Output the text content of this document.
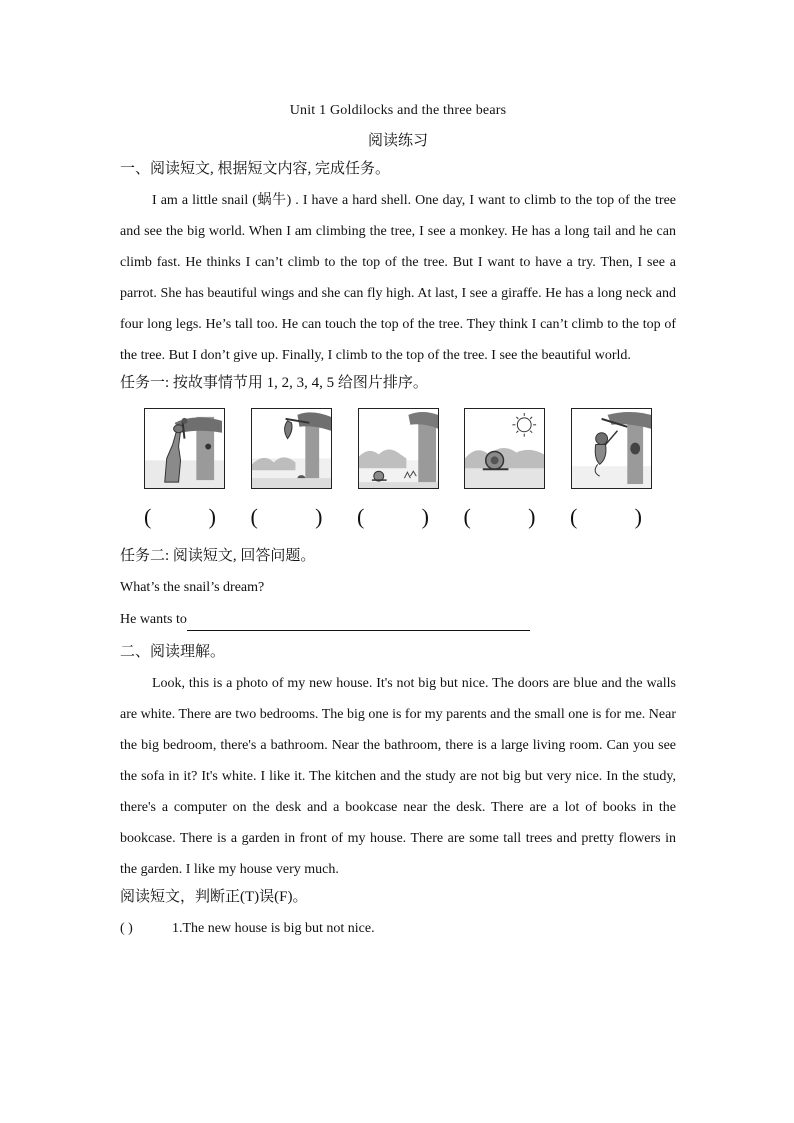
Unit 1 Goldilocks and the three bears
阅读练习
一、阅读短文, 根据短文内容, 完成任务。
I am a little snail (蜗牛) . I have a hard shell. One day, I want to climb to the top of the tree and see the big world. When I am climbing the tree, I see a monkey. He has a long tail and he can climb fast. He thinks I can’t climb to the top of the tree. But I want to have a try. Then, I see a parrot. She has beautiful wings and she can fly high. At last, I see a giraffe. He has a long neck and four long legs. He’s tall too. He can touch the top of the tree. They think I can’t climb to the top of the tree. But I don’t give up. Finally, I climb to the top of the tree. I see the beautiful world.
任务一: 按故事情节用 1, 2, 3, 4, 5 给图片排序。
(	) (	) (	) (	) (	)
任务二: 阅读短文, 回答问题。
What’s the snail’s dream?
He wants to
二、阅读理解。
Look, this is a photo of my new house. It's not big but nice. The doors are blue and the walls are white. There are two bedrooms. The big one is for my parents and the small one is for me. Near the big bedroom, there's a bathroom. Near the bathroom, there is a large living room. Can you see the sofa in it? It's white. I like it. The kitchen and the study are not big but very nice. In the study, there's a computer on the desk and a bookcase near the desk. There are a lot of books in the bookcase. There is a garden in front of my house. There are some tall trees and pretty flowers in the garden. I like my house very much.
阅读短文，判断正(T)误(F)。
( )	1.The new house is big but not nice.
